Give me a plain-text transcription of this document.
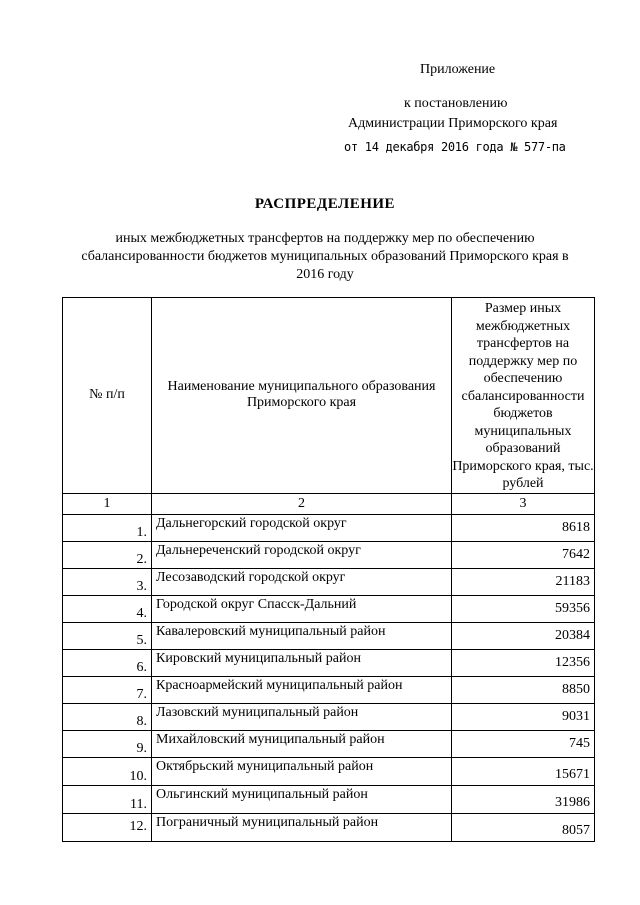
Приложение
к постановлению
Администрации Приморского края
от 14 декабря 2016 года № 577-па
РАСПРЕДЕЛЕНИЕ
иных межбюджетных трансфертов на поддержку мер по обеспечению сбалансированности бюджетов муниципальных образований Приморского края в 2016 году
№ п/п	Наименование муниципального образования Приморского края	Размер иных межбюджетных трансфертов на поддержку мер по обеспечению сбалансированности бюджетов муниципальных образований Приморского края, тыс. рублей
1	2	3
1.	Дальнегорский городской округ	8618
2.	Дальнереченский городской округ	7642
3.	Лесозаводский городской округ	21183
4.	Городской округ Спасск-Дальний	59356
5.	Кавалеровский муниципальный район	20384
6.	Кировский муниципальный район	12356
7.	Красноармейский муниципальный район	8850
8.	Лазовский муниципальный район	9031
9.	Михайловский муниципальный район	745
10.	Октябрьский муниципальный район	15671
11.	Ольгинский муниципальный район	31986
12.	Пограничный муниципальный район	8057
